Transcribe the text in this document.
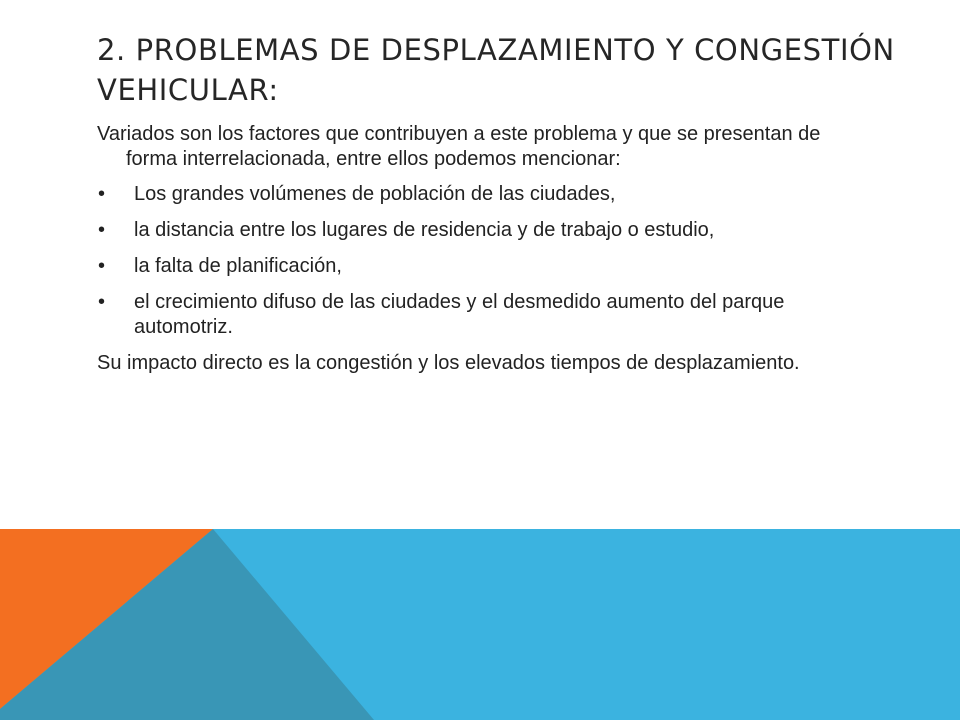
2. PROBLEMAS DE DESPLAZAMIENTO Y CONGESTIÓN VEHICULAR:

Variados son los factores que contribuyen a este problema y que se presentan de forma interrelacionada, entre ellos podemos mencionar:

• Los grandes volúmenes de población de las ciudades,
• la distancia entre los lugares de residencia y de trabajo o estudio,
• la falta de planificación,
• el crecimiento difuso de las ciudades y el desmedido aumento del parque automotriz.

Su impacto directo es la congestión y los elevados tiempos de desplazamiento.
